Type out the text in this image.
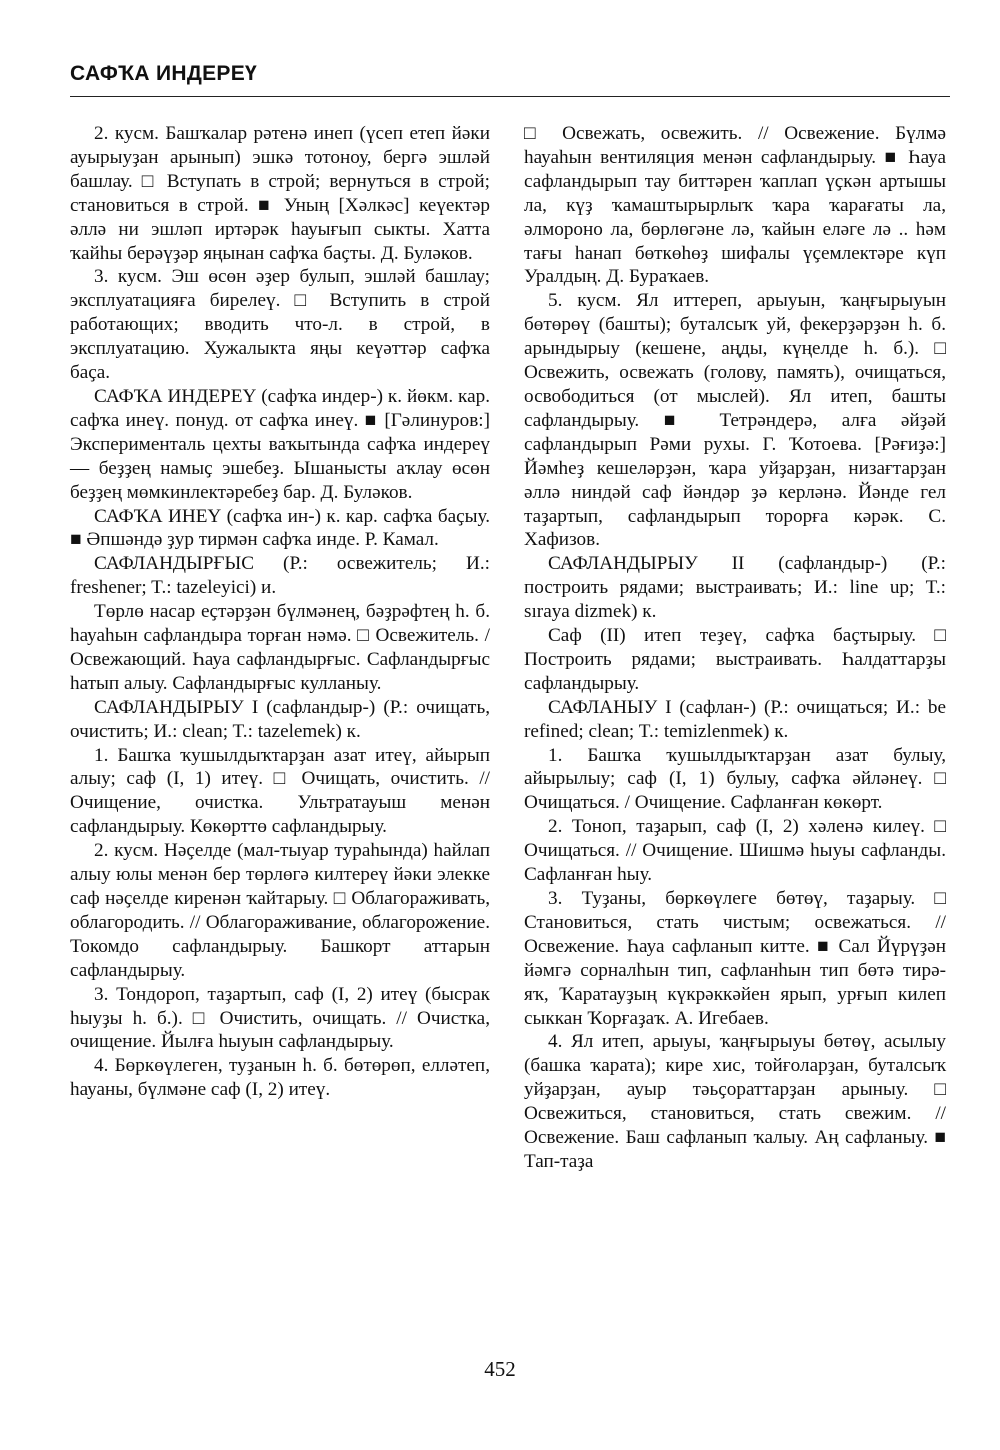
САФҠА ИНДЕРЕҮ

2. кусм. Башҡалар рәтенә инеп (үсеп етеп йәки ауырыуҙан арынып) эшкә тотоноу, бергә эшләй башлау. □ Вступать в строй; вернуться в строй; становиться в строй. ■ Уның [Хәлкәс] кеүектәр әллә ни эшләп иртәрәк һауығып сыкты. Хатта ҡайһы берәүҙәр яңынан сафҡа баҫты. Д. Буләков.

3. кусм. Эш өсөн әҙер булып, эшләй башлау; эксплуатацияға бирелеү. □ Вступить в строй работающих; вводить что-л. в строй, в эксплуатацию. Хужалыкта яңы кеүәттәр сафҡа баҫа.

САФҠА ИНДЕРЕҮ (сафҡа индер-) к. йөкм. кар. сафҡа инеү. понуд. от сафҡа инеү. ■ [Гәлинуров:] Эксперименталь цехты ваҡытында сафҡа индереү — беҙҙең намыҫ эшебеҙ. Ышанысты аҡлау өсөн беҙҙең мөмкинлектәребеҙ бар. Д. Буләков.

САФҠА ИНЕҮ (сафҡа ин-) к. кар. сафҡа баҫыу. ■ Әпшәндә ҙур тирмән сафҡа инде. Р. Камал.

САФЛАНДЫРҒЫС (Р.: освежитель; И.: freshener; T.: tazeleyici) и.

Төрлө насар еҫтәрҙән бүлмәнең, бәҙрәфтең һ. б. һауаһын сафландыра торған нәмә. □ Освежитель. / Освежающий. Һауа сафландырғыс. Сафландырғыс һатып алыу. Сафландырғыс кулланыу.

САФЛАНДЫРЫУ I (сафландыр-) (Р.: очищать, очистить; И.: clean; T.: tazelemek) к.

1. Башҡа ҡушылдыҡтарҙан азат итеү, айырып алыу; саф (I, 1) итеү. □ Очищать, очистить. // Очищение, очистка. Ультратауыш менән сафландырыу. Көкөрттө сафландырыу.

2. кусм. Нәҫелде (мал-тыуар тураһында) һайлап алыу юлы менән бер төрлөгә килтереү йәки элекке саф нәҫелде киренән ҡайтарыу. □ Облагораживать, облагородить. // Облагораживание, облагорожение. Токомдо сафландырыу. Башкорт аттарын сафландырыу.

3. Тондороп, таҙартып, саф (I, 2) итеү (бысрак һыуҙы һ. б.). □ Очистить, очищать. // Очистка, очищение. Йылға һыуын сафландырыу.

4. Бөркөүлеген, туҙанын һ. б. бөтөрөп, елләтеп, һауаны, бүлмәне саф (I, 2) итеү.

□ Освежать, освежить. // Освежение. Бүлмә һауаһын вентиляция менән сафландырыу. ■ Һауа сафландырып тау биттәрен ҡаплап үҫкән артышы ла, күҙ ҡамаштырырлыҡ ҡара ҡарағаты ла, әлмороно ла, бөрлөгәне лә, ҡайын еләге лә .. һәм тағы һанап бөткөһөҙ шифалы үҫемлектәре күп Уралдың. Д. Бураҡаев.

5. кусм. Ял иттереп, арыуын, ҡаңғырыуын бөтөрөү (башты); буталсыҡ уй, фекерҙәрҙән һ. б. арындырыу (кешене, аңды, күңелде һ. б.). □ Освежить, освежать (голову, память), очищаться, освободиться (от мыслей). Ял итеп, башты сафландырыу. ■ Тетрәндерә, алға әйҙәй сафландырып Рәми рухы. Г. Ҡотоева. [Рәғиҙә:] Йәмһеҙ кешеләрҙән, ҡара уйҙарҙан, низағтарҙан әллә ниндәй саф йәндәр ҙә керләнә. Йәнде гел таҙартып, сафландырып торорға кәрәк. С. Хафизов.

САФЛАНДЫРЫУ II (сафландыр-) (Р.: построить рядами; выстраивать; И.: line up; T.: sıraya dizmek) к.

Саф (II) итеп теҙеү, сафҡа баҫтырыу. □ Построить рядами; выстраивать. Һалдаттарҙы сафландырыу.

САФЛАНЫУ I (сафлан-) (Р.: очищаться; И.: be refined; clean; T.: temizlenmek) к.

1. Башҡа ҡушылдыҡтарҙан азат булыу, айырылыу; саф (I, 1) булыу, сафҡа әйләнеү. □ Очищаться. / Очищение. Сафланған көкөрт.

2. Тоноп, таҙарып, саф (I, 2) хәленә килеү. □ Очищаться. // Очищение. Шишмә һыуы сафланды. Сафланған һыу.

3. Туҙаны, бөркөүлеге бөтөү, таҙарыу. □ Становиться, стать чистым; освежаться. // Освежение. Һауа сафланып китте. ■ Сал Йүрүҙән йәмгә сорналһын тип, сафланһын тип бөтә тирә-яҡ, Ҡаратауҙың күкрәккәйен ярып, урғып килеп сыккан Ҡорғаҙаҡ. А. Игебаев.

4. Ял итеп, арыуы, ҡаңғырыуы бөтөү, асылыу (башка ҡарата); кире хис, тойғоларҙан, буталсыҡ уйҙарҙан, ауыр тәьҫораттарҙан арыныу. □ Освежиться, становиться, стать свежим. // Освежение. Баш сафланып ҡалыу. Аң сафланыу. ■ Тап-таҙа

452
